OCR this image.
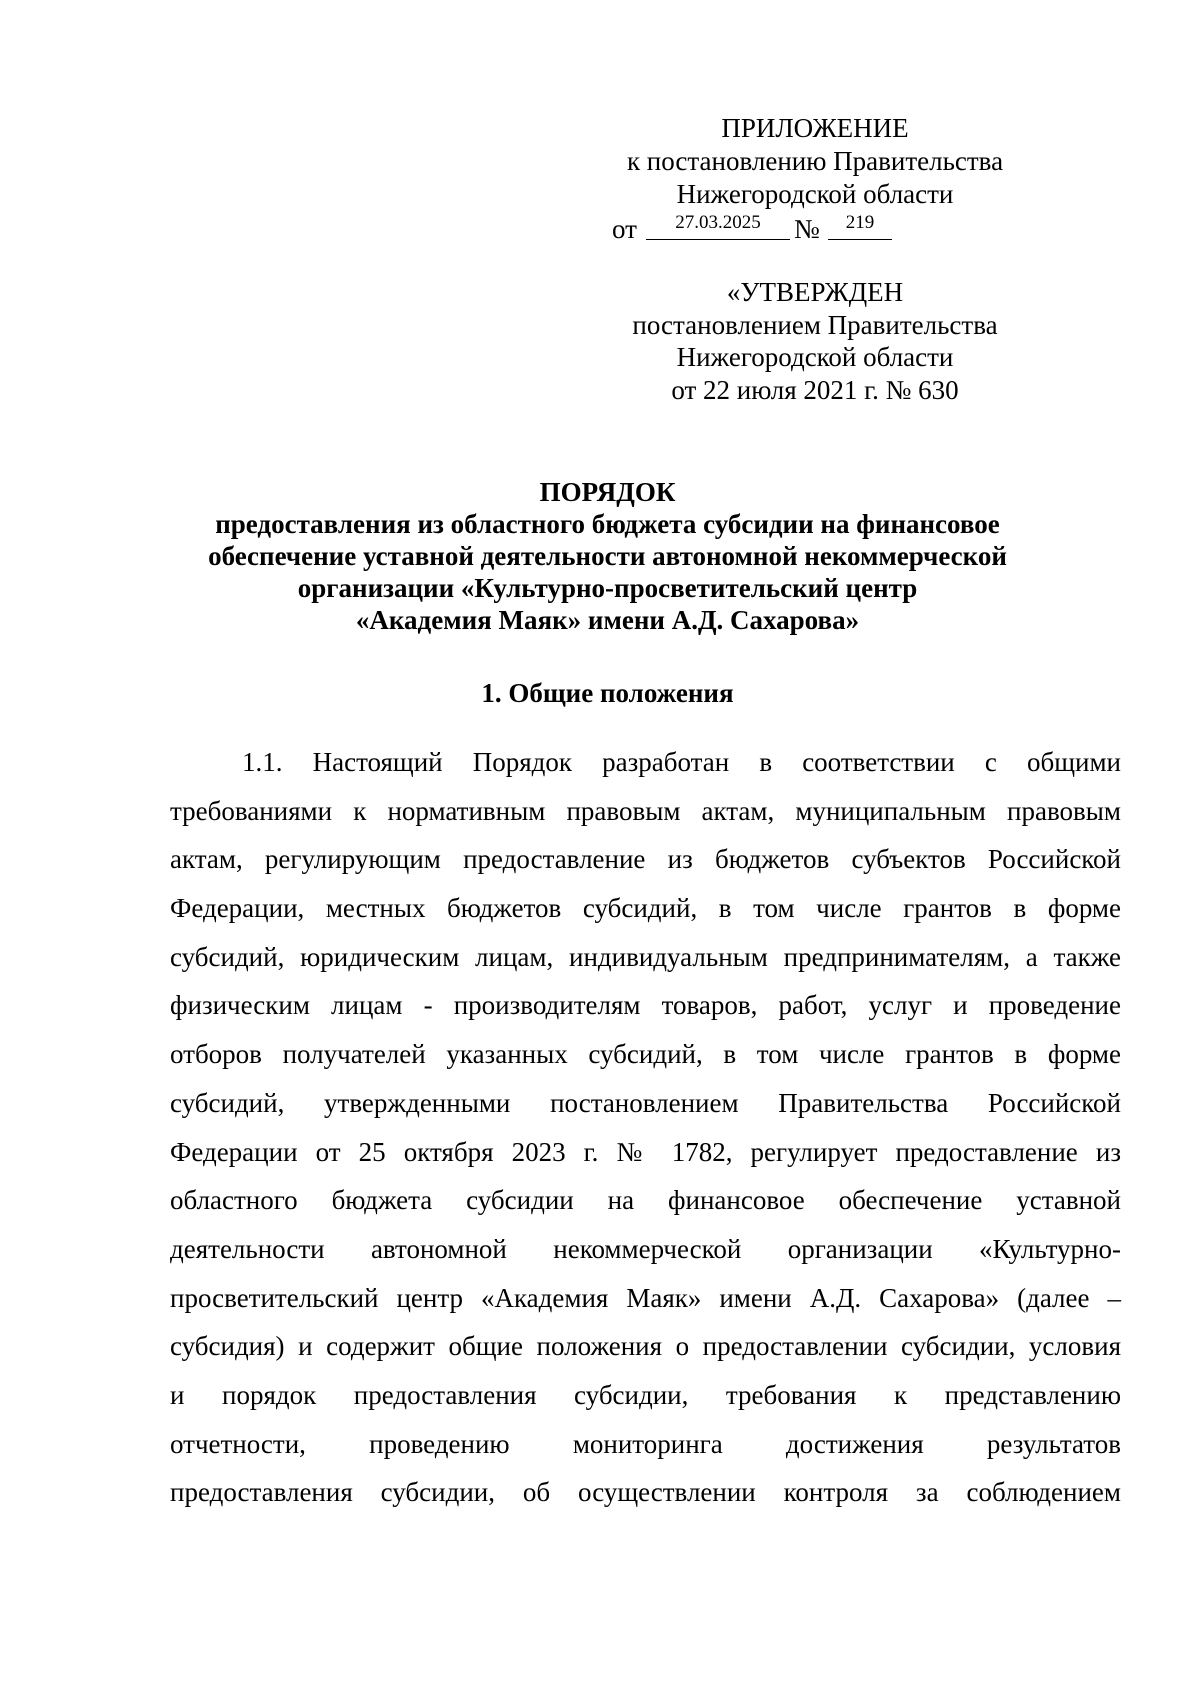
ПРИЛОЖЕНИЕ
к постановлению Правительства
Нижегородской области
от	27.03.2025	№	219
«УТВЕРЖДЕН
постановлением Правительства
Нижегородской области
от 22 июля 2021 г. № 630
ПОРЯДОК
предоставления из областного бюджета субсидии на финансовое
обеспечение уставной деятельности автономной некоммерческой
организации «Культурно-просветительский центр
«Академия Маяк» имени А.Д. Сахарова»
1. Общие положения
1.1. Настоящий Порядок разработан в соответствии с общими
требованиями к нормативным правовым актам, муниципальным правовым
актам, регулирующим предоставление из бюджетов субъектов Российской
Федерации, местных бюджетов субсидий, в том числе грантов в форме
субсидий, юридическим лицам, индивидуальным предпринимателям, а также
физическим лицам - производителям товаров, работ, услуг и проведение
отборов получателей указанных субсидий, в том числе грантов в форме
субсидий, утвержденными постановлением Правительства Российской
Федерации от 25 октября 2023 г. № 1782, регулирует предоставление из
областного бюджета субсидии на финансовое обеспечение уставной
деятельности автономной некоммерческой организации «Культурно-
просветительский центр «Академия Маяк» имени А.Д. Сахарова» (далее –
субсидия) и содержит общие положения о предоставлении субсидии, условия
и порядок предоставления субсидии, требования к представлению
отчетности, проведению мониторинга достижения результатов
предоставления субсидии, об осуществлении контроля за соблюдением
